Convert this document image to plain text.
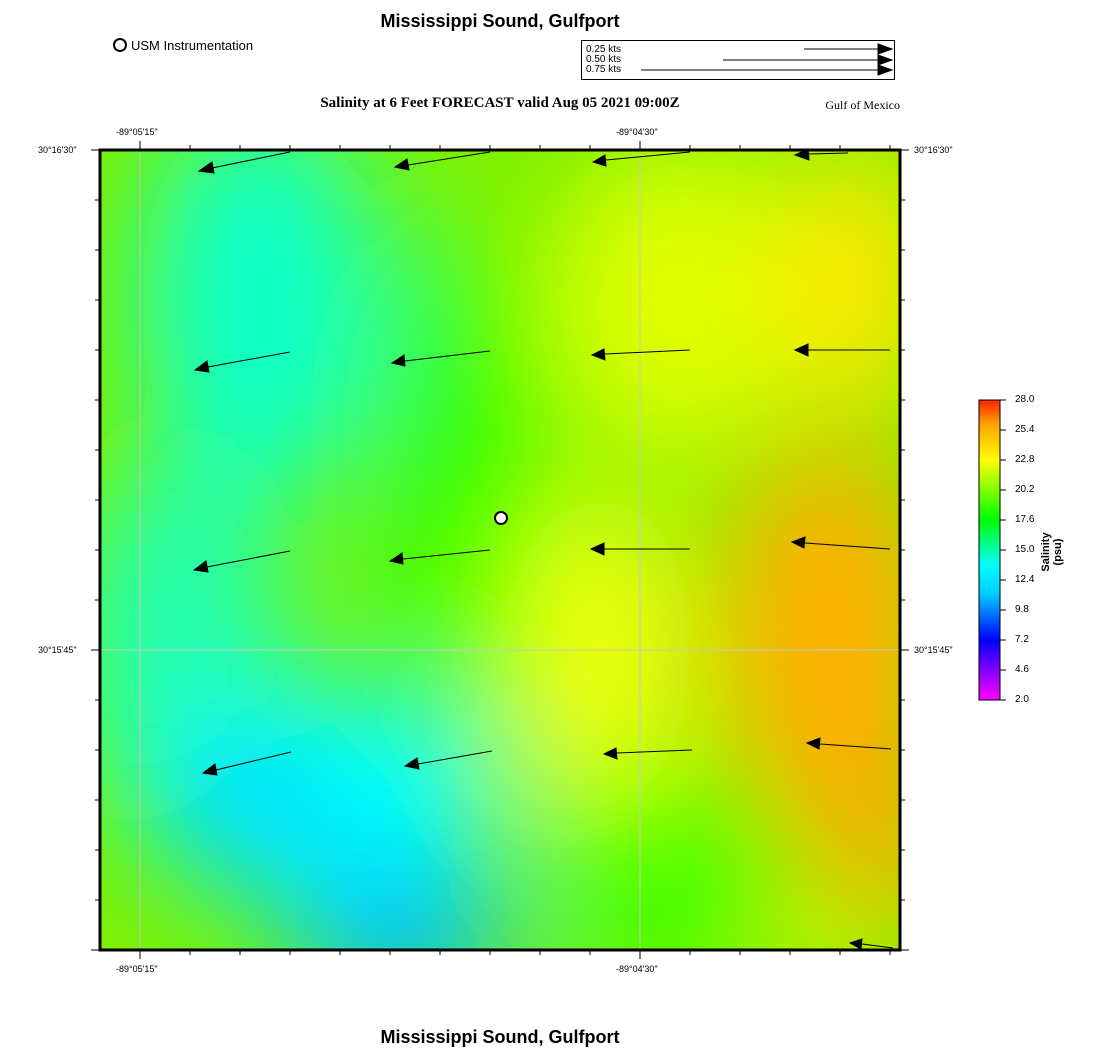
Mississippi Sound, Gulfport
Salinity at 6 Feet FORECAST valid Aug 05 2021 09:00Z	Gulf of Mexico
Mississippi Sound, Gulfport
USM Instrumentation	0.25 kts
0.50 kts
0.75 kts
-89°05'15"	-89°04'30"
-89°05'15"	-89°04'30"
30°16'30"
30°15'45"
30°16'30"
30°15'45"
28.0
25.4
22.8
20.2
17.6
15.0
12.4
9.8
7.2
4.6
2.0
Salinity (psu)
